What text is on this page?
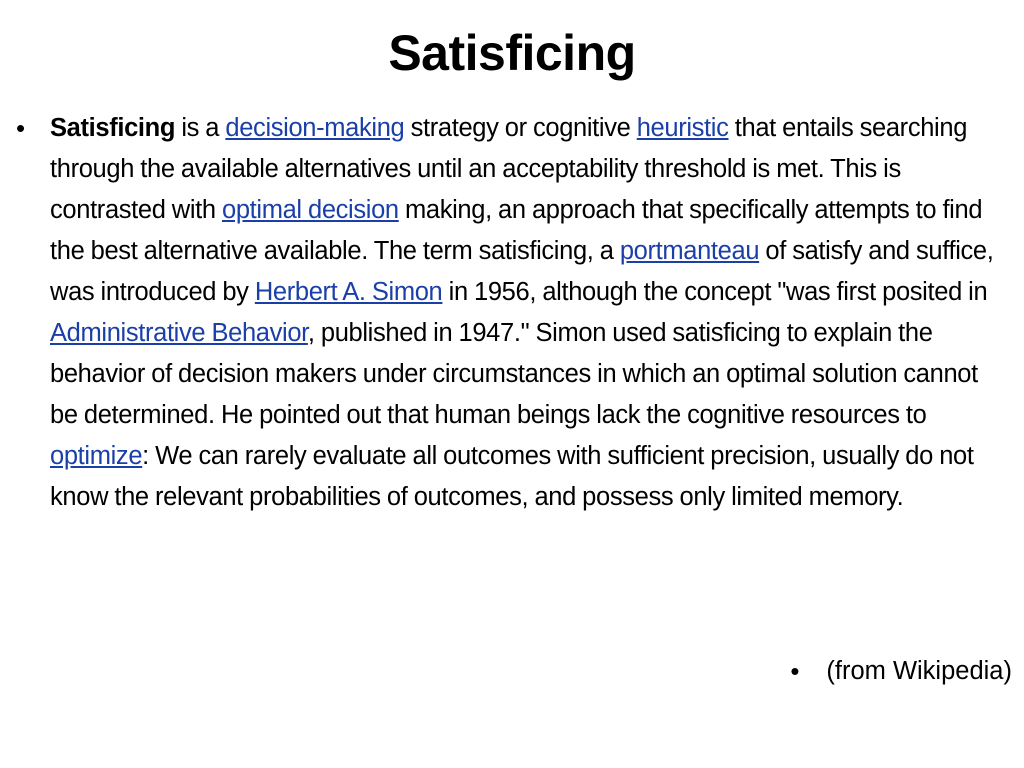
Satisficing
• Satisficing is a decision-making strategy or cognitive heuristic that entails searching through the available alternatives until an acceptability threshold is met. This is contrasted with optimal decision making, an approach that specifically attempts to find the best alternative available. The term satisficing, a portmanteau of satisfy and suffice, was introduced by Herbert A. Simon in 1956, although the concept "was first posited in Administrative Behavior, published in 1947." Simon used satisficing to explain the behavior of decision makers under circumstances in which an optimal solution cannot be determined. He pointed out that human beings lack the cognitive resources to optimize: We can rarely evaluate all outcomes with sufficient precision, usually do not know the relevant probabilities of outcomes, and possess only limited memory.
•	(from Wikipedia)
